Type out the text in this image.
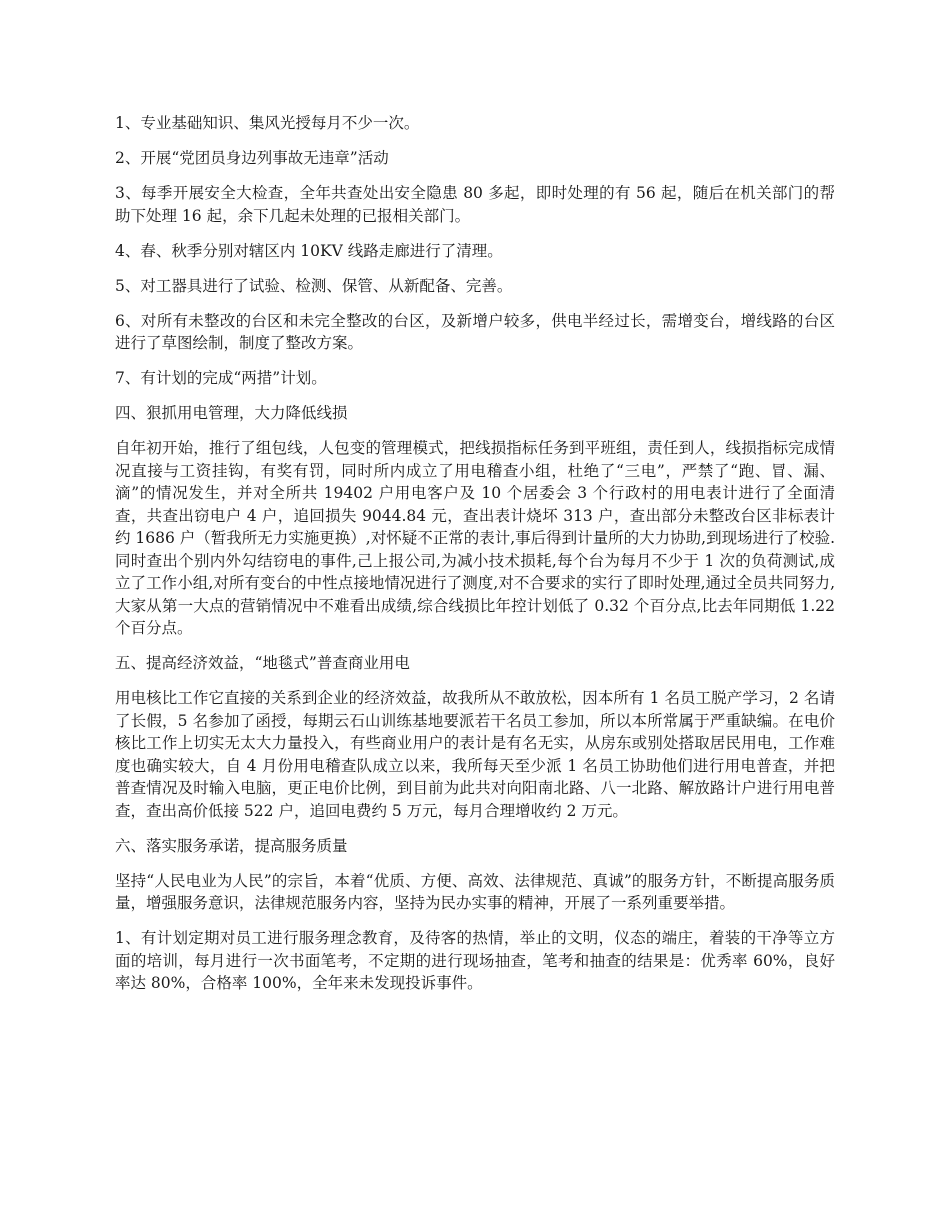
1、专业基础知识、集风光授每月不少一次。

2、开展“党团员身边列事故无违章”活动

3、每季开展安全大检查，全年共查处出安全隐患 80 多起，即时处理的有 56 起，随后在机关部门的帮助下处理 16 起，余下几起未处理的已报相关部门。

4、春、秋季分别对辖区内 10KV 线路走廊进行了清理。

5、对工器具进行了试验、检测、保管、从新配备、完善。

6、对所有未整改的台区和未完全整改的台区，及新增户较多，供电半经过长，需增变台，增线路的台区进行了草图绘制，制度了整改方案。

7、有计划的完成“两措”计划。

四、狠抓用电管理，大力降低线损

自年初开始，推行了组包线，人包变的管理模式，把线损指标任务到平班组，责任到人，线损指标完成情况直接与工资挂钩，有奖有罚，同时所内成立了用电稽查小组，杜绝了“三电”，严禁了“跑、冒、漏、滴”的情况发生，并对全所共 19402 户用电客户及 10 个居委会 3 个行政村的用电表计进行了全面清查，共查出窃电户 4 户，追回损失 9044.84 元，查出表计烧坏 313 户，查出部分未整改台区非标表计约 1686 户（暂我所无力实施更换）,对怀疑不正常的表计,事后得到计量所的大力协助,到现场进行了校验.同时查出个别内外勾结窃电的事件,己上报公司,为减小技术损耗,每个台为每月不少于 1 次的负荷测试,成立了工作小组,对所有变台的中性点接地情况进行了测度,对不合要求的实行了即时处理,通过全员共同努力,大家从第一大点的营销情况中不难看出成绩,综合线损比年控计划低了 0.32 个百分点,比去年同期低 1.22 个百分点。

五、提高经济效益，“地毯式”普查商业用电

用电核比工作它直接的关系到企业的经济效益，故我所从不敢放松，因本所有 1 名员工脱产学习，2 名请了长假，5 名参加了函授，每期云石山训练基地要派若干名员工参加，所以本所常属于严重缺编。在电价核比工作上切实无太大力量投入，有些商业用户的表计是有名无实，从房东或别处搭取居民用电，工作难度也确实较大，自 4 月份用电稽查队成立以来，我所每天至少派 1 名员工协助他们进行用电普查，并把普查情况及时输入电脑，更正电价比例，到目前为此共对向阳南北路、八一北路、解放路计户进行用电普查，查出高价低接 522 户，追回电费约 5 万元，每月合理增收约 2 万元。

六、落实服务承诺，提高服务质量

坚持“人民电业为人民”的宗旨，本着“优质、方便、高效、法律规范、真诚”的服务方针，不断提高服务质量，增强服务意识，法律规范服务内容，坚持为民办实事的精神，开展了一系列重要举措。

1、有计划定期对员工进行服务理念教育，及待客的热情，举止的文明，仪态的端庄，着装的干净等立方面的培训，每月进行一次书面笔考，不定期的进行现场抽查，笔考和抽查的结果是：优秀率 60%，良好率达 80%，合格率 100%，全年来未发现投诉事件。
